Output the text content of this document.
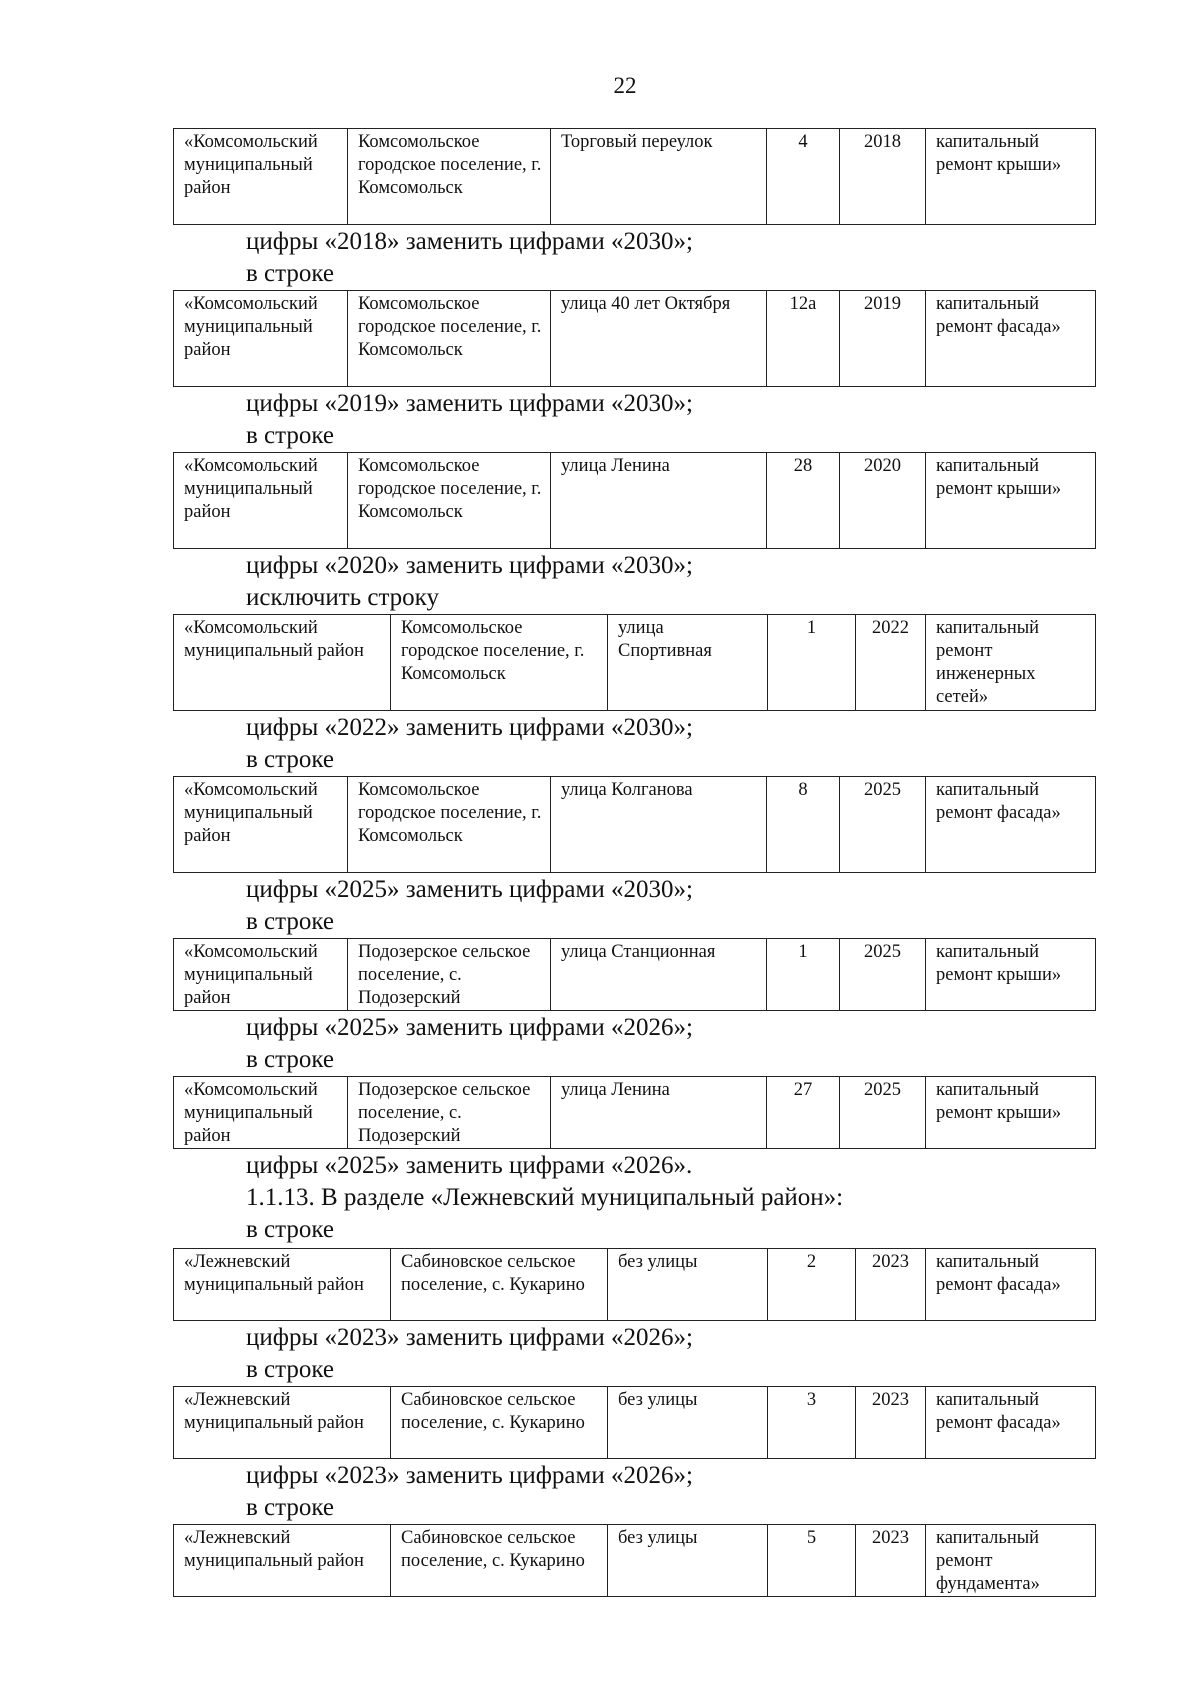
22
«Комсомольский муниципальный район	Комсомольское городское поселение, г. Комсомольск	Торговый переулок	4	2018	капитальный ремонт крыши»
«Комсомольский муниципальный район	Комсомольское городское поселение, г. Комсомольск	улица 40 лет Октября	12а	2019	капитальный ремонт фасада»
«Комсомольский муниципальный район	Комсомольское городское поселение, г. Комсомольск	улица Ленина	28	2020	капитальный ремонт крыши»
«Комсомольский муниципальный район	Комсомольское городское поселение, г. Комсомольск	улица Спортивная	1	2022	капитальный ремонт инженерных сетей»
«Комсомольский муниципальный район	Комсомольское городское поселение, г. Комсомольск	улица Колганова	8	2025	капитальный ремонт фасада»
«Комсомольский муниципальный район	Подозерское сельское поселение, с. Подозерский	улица Станционная	1	2025	капитальный ремонт крыши»
«Комсомольский муниципальный район	Подозерское сельское поселение, с. Подозерский	улица Ленина	27	2025	капитальный ремонт крыши»
«Лежневский муниципальный район	Сабиновское сельское поселение, с. Кукарино	без улицы	2	2023	капитальный ремонт фасада»
«Лежневский муниципальный район	Сабиновское сельское поселение, с. Кукарино	без улицы	3	2023	капитальный ремонт фасада»
«Лежневский муниципальный район	Сабиновское сельское поселение, с. Кукарино	без улицы	5	2023	капитальный ремонт фундамента»
цифры «2018» заменить цифрами «2030»;
в строке
цифры «2019» заменить цифрами «2030»;
в строке
цифры «2020» заменить цифрами «2030»;
исключить строку
цифры «2022» заменить цифрами «2030»;
в строке
цифры «2025» заменить цифрами «2030»;
в строке
цифры «2025» заменить цифрами «2026»;
в строке
цифры «2025» заменить цифрами «2026».
1.1.13. В разделе «Лежневский муниципальный район»:
в строке
цифры «2023» заменить цифрами «2026»;
в строке
цифры «2023» заменить цифрами «2026»;
в строке
